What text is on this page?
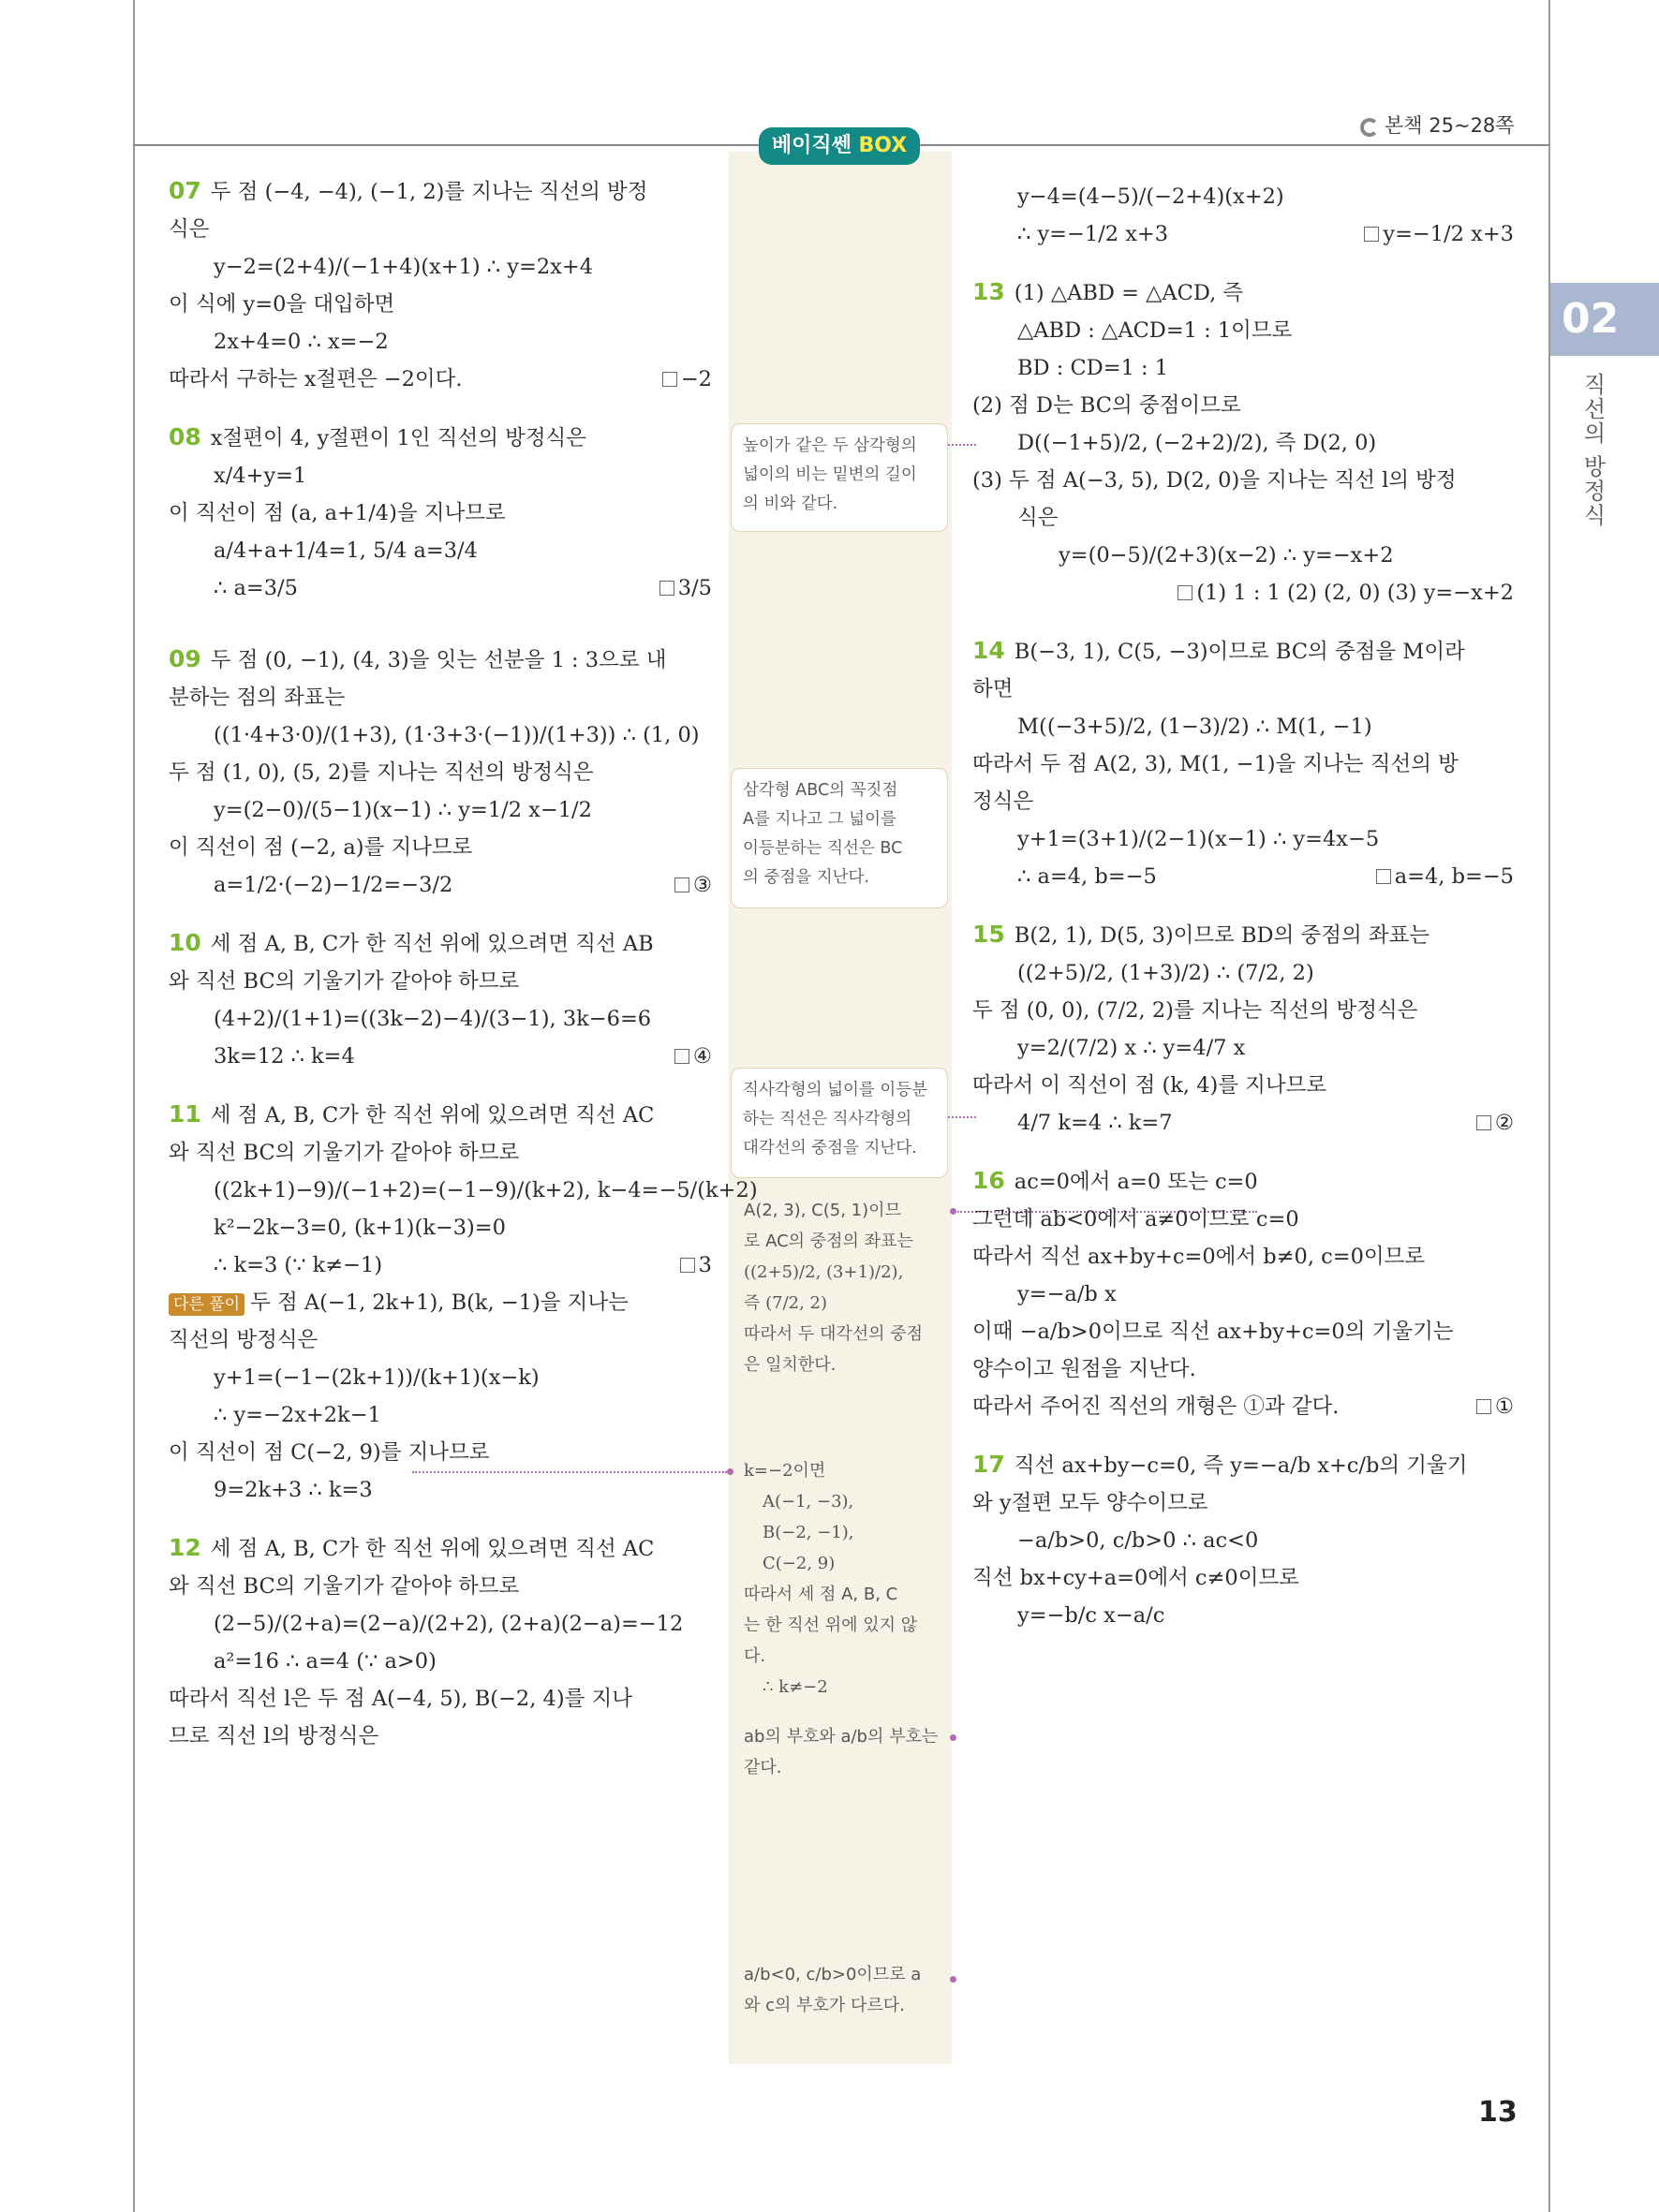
본책 25~28쪽
베이직쎈 BOX
02
직선의 방정식
13
높이가 같은 두 삼각형의
넓이의 비는 밑변의 길이
의 비와 같다.
삼각형 ABC의 꼭짓점
A를 지나고 그 넓이를
이등분하는 직선은 BC
의 중점을 지난다.
직사각형의 넓이를 이등분
하는 직선은 직사각형의
대각선의 중점을 지난다.
A(2, 3), C(5, 1)이므
로 AC의 중점의 좌표는
((2+5)/2, (3+1)/2),
즉 (7/2, 2)
따라서 두 대각선의 중점
은 일치한다.
k=−2이면
A(−1, −3),
B(−2, −1),
C(−2, 9)
따라서 세 점 A, B, C
는 한 직선 위에 있지 않
다.
∴ k≠−2
ab의 부호와 a/b의 부호는
같다.
a/b<0, c/b>0이므로 a
와 c의 부호가 다르다.

07 두 점 (−4, −4), (−1, 2)를 지나는 직선의 방정

식은

y−2=(2+4)/(−1+4)(x+1) ∴ y=2x+4

이 식에 y=0을 대입하면

2x+4=0 ∴ x=−2

따라서 구하는 x절편은 −2이다.	−2

08 x절편이 4, y절편이 1인 직선의 방정식은

x/4+y=1

이 직선이 점 (a, a+1/4)을 지나므로

a/4+a+1/4=1, 5/4 a=3/4

∴ a=3/5	3/5

09 두 점 (0, −1), (4, 3)을 잇는 선분을 1 : 3으로 내

분하는 점의 좌표는

((1·4+3·0)/(1+3), (1·3+3·(−1))/(1+3)) ∴ (1, 0)

두 점 (1, 0), (5, 2)를 지나는 직선의 방정식은

y=(2−0)/(5−1)(x−1) ∴ y=1/2 x−1/2

이 직선이 점 (−2, a)를 지나므로

a=1/2·(−2)−1/2=−3/2	③

10 세 점 A, B, C가 한 직선 위에 있으려면 직선 AB

와 직선 BC의 기울기가 같아야 하므로

(4+2)/(1+1)=((3k−2)−4)/(3−1), 3k−6=6

3k=12 ∴ k=4	④

11 세 점 A, B, C가 한 직선 위에 있으려면 직선 AC

와 직선 BC의 기울기가 같아야 하므로

((2k+1)−9)/(−1+2)=(−1−9)/(k+2), k−4=−5/(k+2)

k²−2k−3=0, (k+1)(k−3)=0

∴ k=3 (∵ k≠−1)	3

다른 풀이 두 점 A(−1, 2k+1), B(k, −1)을 지나는

직선의 방정식은

y+1=(−1−(2k+1))/(k+1)(x−k)

∴ y=−2x+2k−1

이 직선이 점 C(−2, 9)를 지나므로

9=2k+3 ∴ k=3

12 세 점 A, B, C가 한 직선 위에 있으려면 직선 AC

와 직선 BC의 기울기가 같아야 하므로

(2−5)/(2+a)=(2−a)/(2+2), (2+a)(2−a)=−12

a²=16 ∴ a=4 (∵ a>0)

따라서 직선 l은 두 점 A(−4, 5), B(−2, 4)를 지나

므로 직선 l의 방정식은

y−4=(4−5)/(−2+4)(x+2)

∴ y=−1/2 x+3	y=−1/2 x+3

13 (1) △ABD = △ACD, 즉

△ABD : △ACD=1 : 1이므로

BD : CD=1 : 1

(2) 점 D는 BC의 중점이므로

D((−1+5)/2, (−2+2)/2), 즉 D(2, 0)

(3) 두 점 A(−3, 5), D(2, 0)을 지나는 직선 l의 방정

식은

y=(0−5)/(2+3)(x−2) ∴ y=−x+2

(1) 1 : 1 (2) (2, 0) (3) y=−x+2

14 B(−3, 1), C(5, −3)이므로 BC의 중점을 M이라

하면

M((−3+5)/2, (1−3)/2) ∴ M(1, −1)

따라서 두 점 A(2, 3), M(1, −1)을 지나는 직선의 방

정식은

y+1=(3+1)/(2−1)(x−1) ∴ y=4x−5

∴ a=4, b=−5	a=4, b=−5

15 B(2, 1), D(5, 3)이므로 BD의 중점의 좌표는

((2+5)/2, (1+3)/2) ∴ (7/2, 2)

두 점 (0, 0), (7/2, 2)를 지나는 직선의 방정식은

y=2/(7/2) x ∴ y=4/7 x

따라서 이 직선이 점 (k, 4)를 지나므로

4/7 k=4 ∴ k=7	②

16 ac=0에서 a=0 또는 c=0

그런데 ab<0에서 a≠0이므로 c=0

따라서 직선 ax+by+c=0에서 b≠0, c=0이므로

y=−a/b x

이때 −a/b>0이므로 직선 ax+by+c=0의 기울기는

양수이고 원점을 지난다.

따라서 주어진 직선의 개형은 ①과 같다.	①

17 직선 ax+by−c=0, 즉 y=−a/b x+c/b의 기울기

와 y절편 모두 양수이므로

−a/b>0, c/b>0 ∴ ac<0

직선 bx+cy+a=0에서 c≠0이므로

y=−b/c x−a/c
